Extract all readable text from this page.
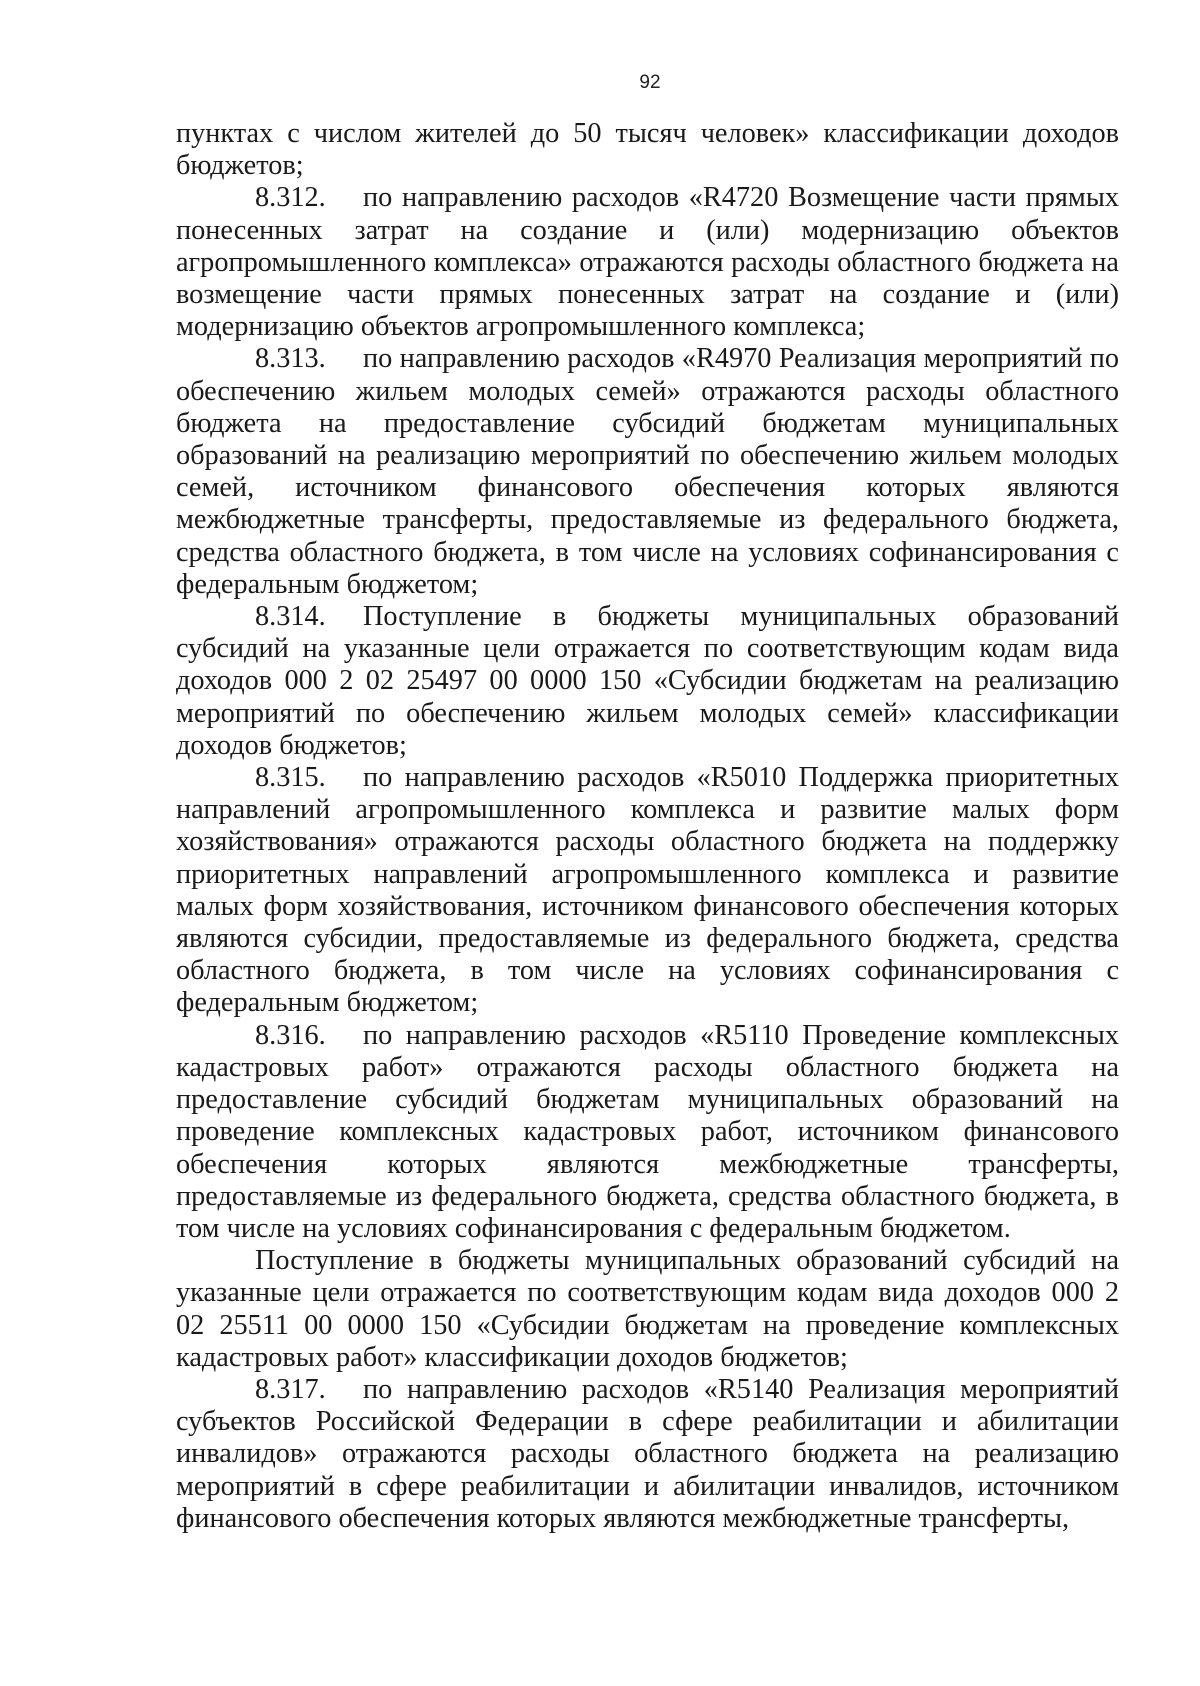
92

пунктах с числом жителей до 50 тысяч человек» классификации доходов бюджетов;

8.312. по направлению расходов «R4720 Возмещение части прямых понесенных затрат на создание и (или) модернизацию объектов агропромышленного комплекса» отражаются расходы областного бюджета на возмещение части прямых понесенных затрат на создание и (или) модернизацию объектов агропромышленного комплекса;

8.313. по направлению расходов «R4970 Реализация мероприятий по обеспечению жильем молодых семей» отражаются расходы областного бюджета на предоставление субсидий бюджетам муниципальных образований на реализацию мероприятий по обеспечению жильем молодых семей, источником финансового обеспечения которых являются межбюджетные трансферты, предоставляемые из федерального бюджета, средства областного бюджета, в том числе на условиях софинансирования с федеральным бюджетом;

8.314. Поступление в бюджеты муниципальных образований субсидий на указанные цели отражается по соответствующим кодам вида доходов 000 2 02 25497 00 0000 150 «Субсидии бюджетам на реализацию мероприятий по обеспечению жильем молодых семей» классификации доходов бюджетов;

8.315. по направлению расходов «R5010 Поддержка приоритетных направлений агропромышленного комплекса и развитие малых форм хозяйствования» отражаются расходы областного бюджета на поддержку приоритетных направлений агропромышленного комплекса и развитие малых форм хозяйствования, источником финансового обеспечения которых являются субсидии, предоставляемые из федерального бюджета, средства областного бюджета, в том числе на условиях софинансирования с федеральным бюджетом;

8.316. по направлению расходов «R5110 Проведение комплексных кадастровых работ» отражаются расходы областного бюджета на предоставление субсидий бюджетам муниципальных образований на проведение комплексных кадастровых работ, источником финансового обеспечения которых являются межбюджетные трансферты, предоставляемые из федерального бюджета, средства областного бюджета, в том числе на условиях софинансирования с федеральным бюджетом.

Поступление в бюджеты муниципальных образований субсидий на указанные цели отражается по соответствующим кодам вида доходов 000 2 02 25511 00 0000 150 «Субсидии бюджетам на проведение комплексных кадастровых работ» классификации доходов бюджетов;

8.317. по направлению расходов «R5140 Реализация мероприятий субъектов Российской Федерации в сфере реабилитации и абилитации инвалидов» отражаются расходы областного бюджета на реализацию мероприятий в сфере реабилитации и абилитации инвалидов, источником финансового обеспечения которых являются межбюджетные трансферты,
